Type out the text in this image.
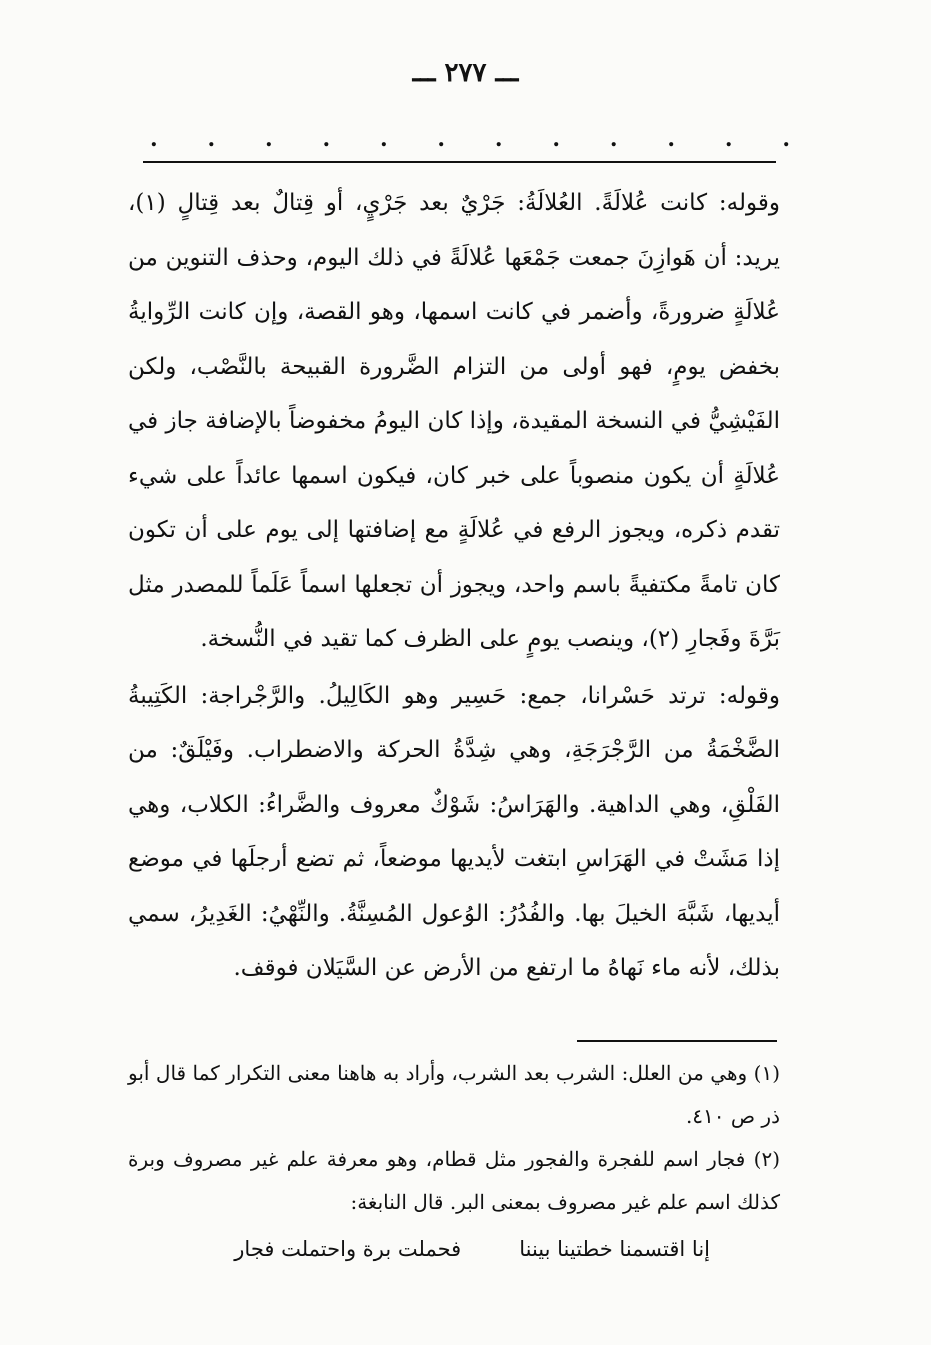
ـــ ٢٧٧ ـــ
. . . . . . . . . . . .

وقوله: كانت عُلالَةً. العُلالَةُ: جَرْيٌ بعد جَرْيٍ، أو قِتالٌ بعد قِتالٍ (١)، يريد: أن هَوازِنَ جمعت جَمْعَها عُلالَةً في ذلك اليوم، وحذف التنوين من عُلالَةٍ ضرورةً، وأضمر في كانت اسمها، وهو القصة، وإن كانت الرِّوايةُ بخفض يومٍ، فهو أولى من التزام الضَّرورة القبيحة بالنَّصْب، ولكن الفَيْشِيُّ في النسخة المقيدة، وإذا كان اليومُ مخفوضاً بالإضافة جاز في عُلالَةٍ أن يكون منصوباً على خبر كان، فيكون اسمها عائداً على شيء تقدم ذكره، ويجوز الرفع في عُلالَةٍ مع إضافتها إلى يوم على أن تكون كان تامةً مكتفيةً باسم واحد، ويجوز أن تجعلها اسماً عَلَماً للمصدر مثل بَرَّةَ وفَجارِ (٢)، وينصب يومٍ على الظرف كما تقيد في النُّسخة.

وقوله: ترتد حَسْرانا، جمع: حَسِير وهو الكَالِيلُ. والرَّجْراجة: الكَتِيبةُ الضَّخْمَةُ من الرَّجْرَجَةِ، وهي شِدَّةُ الحركة والاضطراب. وفَيْلَقٌ: من الفَلْقِ، وهي الداهية. والهَرَاسُ: شَوْكٌ معروف والضَّراءُ: الكلاب، وهي إذا مَشَتْ في الهَرَاسِ ابتغت لأيديها موضعاً، ثم تضع أرجلَها في موضع أيديها، شَبَّهَ الخيلَ بها. والفُدُرُ: الوُعول المُسِنَّةُ. والنِّهْيُ: الغَدِيرُ، سمي بذلك، لأنه ماء نَهاهُ ما ارتفع من الأرض عن السَّيَلان فوقف.

(١) وهي من العلل: الشرب بعد الشرب، وأراد به هاهنا معنى التكرار كما قال أبو ذر ص ٤١٠.

(٢) فجار اسم للفجرة والفجور مثل قطام، وهو معرفة علم غير مصروف وبرة كذلك اسم علم غير مصروف بمعنى البر. قال النابغة:

إنا اقتسمنا خطتينا بيننا
فحملت برة واحتملت فجار
